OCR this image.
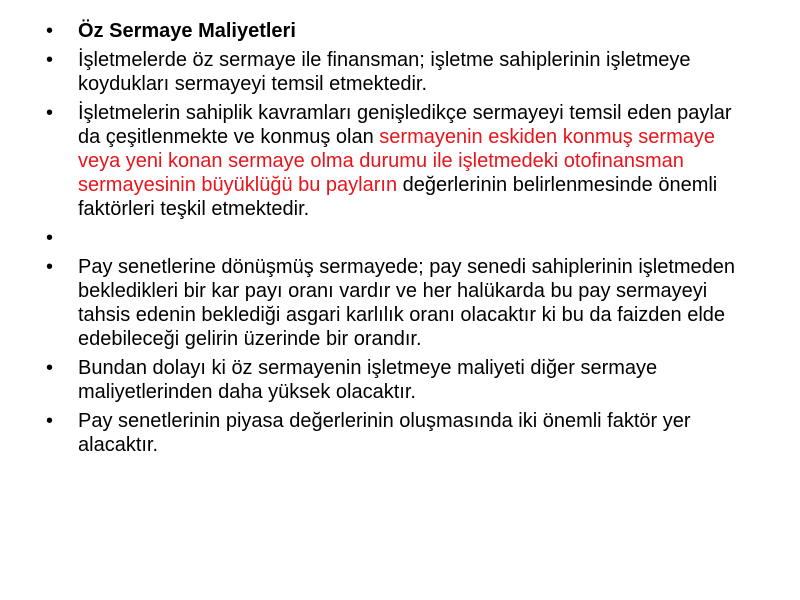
•	Öz Sermaye Maliyetleri
•	İşletmelerde öz sermaye ile finansman; işletme sahiplerinin işletmeye koydukları sermayeyi temsil etmektedir.
•	İşletmelerin sahiplik kavramları genişledikçe sermayeyi temsil eden paylar da çeşitlenmekte ve konmuş olan sermayenin eskiden konmuş sermaye veya yeni konan sermaye olma durumu ile işletmedeki otofinansman sermayesinin büyüklüğü bu payların değerlerinin belirlenmesinde önemli faktörleri teşkil etmektedir.
•
•	Pay senetlerine dönüşmüş sermayede; pay senedi sahiplerinin işletmeden bekledikleri bir kar payı oranı vardır ve her halükarda bu pay sermayeyi tahsis edenin beklediği asgari karlılık oranı olacaktır ki bu da faizden elde edebileceği gelirin üzerinde bir orandır.
•	Bundan dolayı ki öz sermayenin işletmeye maliyeti diğer sermaye maliyetlerinden daha yüksek olacaktır.
•	Pay senetlerinin piyasa değerlerinin oluşmasında iki önemli faktör yer alacaktır.
